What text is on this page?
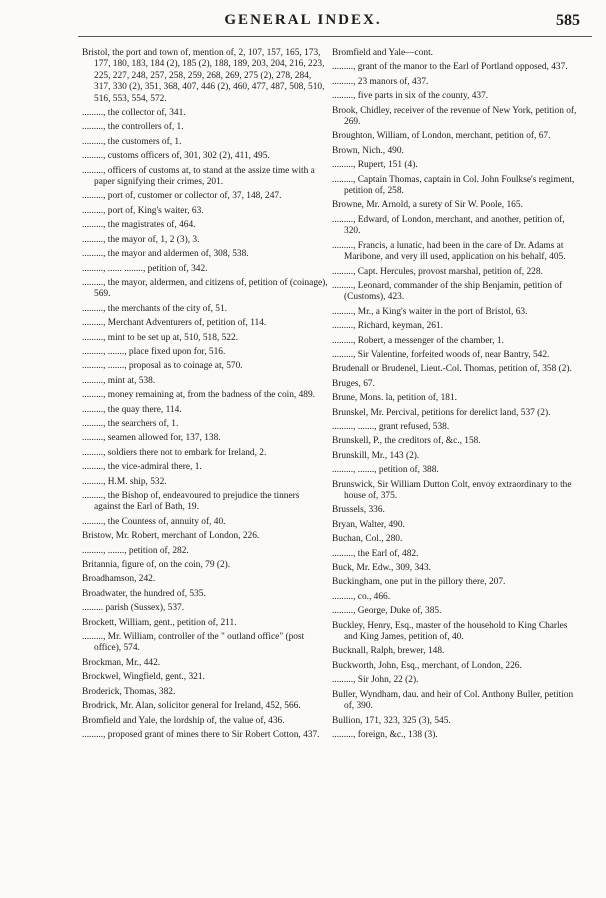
GENERAL INDEX.	585
Bristol, the port and town of, mention of, 2, 107, 157, 165, 173, 177, 180, 183, 184 (2), 185 (2), 188, 189, 203, 204, 216, 223, 225, 227, 248, 257, 258, 259, 268, 269, 275 (2), 278, 284, 317, 330 (2), 351, 368, 407, 446 (2), 460, 477, 487, 508, 510, 516, 553, 554, 572.
........., the collector of, 341.
........., the controllers of, 1.
........., the customers of, 1.
........., customs officers of, 301, 302 (2), 411, 495.
........., officers of customs at, to stand at the assize time with a paper signifying their crimes, 201.
........., port of, customer or collector of, 37, 148, 247.
........., port of, King's waiter, 63.
........., the magistrates of, 464.
........., the mayor of, 1, 2 (3), 3.
........., the mayor and aldermen of, 308, 538.
........., ...... ........, petition of, 342.
........., the mayor, aldermen, and citizens of, petition of (coinage), 569.
........., the merchants of the city of, 51.
........., Merchant Adventurers of, petition of, 114.
........., mint to be set up at, 510, 518, 522.
........., ......., place fixed upon for, 516.
........., ......., proposal as to coinage at, 570.
........., mint at, 538.
........., money remaining at, from the badness of the coin, 489.
........., the quay there, 114.
........., the searchers of, 1.
........., seamen allowed for, 137, 138.
........., soldiers there not to embark for Ireland, 2.
........., the vice-admiral there, 1.
........., H.M. ship, 532.
........., the Bishop of, endeavoured to prejudice the tinners against the Earl of Bath, 19.
........., the Countess of, annuity of, 40.
Bristow, Mr. Robert, merchant of London, 226.
........., ......., petition of, 282.
Britannia, figure of, on the coin, 79 (2).
Broadhamson, 242.
Broadwater, the hundred of, 535.
......... parish (Sussex), 537.
Brockett, William, gent., petition of, 211.
........., Mr. William, controller of the " outland office" (post office), 574.
Brockman, Mr., 442.
Brockwel, Wingfield, gent., 321.
Broderick, Thomas, 382.
Brodrick, Mr. Alan, solicitor general for Ireland, 452, 566.
Bromfield and Yale, the lordship of, the value of, 436.
........., proposed grant of mines there to Sir Robert Cotton, 437.
Bromfield and Yale—cont.
........., grant of the manor to the Earl of Portland opposed, 437.
........., 23 manors of, 437.
........., five parts in six of the county, 437.
Brook, Chidley, receiver of the revenue of New York, petition of, 269.
Broughton, William, of London, merchant, petition of, 67.
Brown, Nich., 490.
........., Rupert, 151 (4).
........., Captain Thomas, captain in Col. John Foulkse's regiment, petition of, 258.
Browne, Mr. Arnold, a surety of Sir W. Poole, 165.
........., Edward, of London, merchant, and another, petition of, 320.
........., Francis, a lunatic, had been in the care of Dr. Adams at Maribone, and very ill used, application on his behalf, 405.
........., Capt. Hercules, provost marshal, petition of, 228.
........., Leonard, commander of the ship Benjamin, petition of (Customs), 423.
........., Mr., a King's waiter in the port of Bristol, 63.
........., Richard, keyman, 261.
........., Robert, a messenger of the chamber, 1.
........., Sir Valentine, forfeited woods of, near Bantry, 542.
Brudenall or Brudenel, Lieut.-Col. Thomas, petition of, 358 (2).
Bruges, 67.
Brune, Mons. la, petition of, 181.
Brunskel, Mr. Percival, petitions for derelict land, 537 (2).
........., ......., grant refused, 538.
Brunskell, P., the creditors of, &c., 158.
Brunskill, Mr., 143 (2).
........., ......., petition of, 388.
Brunswick, Sir William Dutton Colt, envoy extraordinary to the house of, 375.
Brussels, 336.
Bryan, Walter, 490.
Buchan, Col., 280.
........., the Earl of, 482.
Buck, Mr. Edw., 309, 343.
Buckingham, one put in the pillory there, 207.
........., co., 466.
........., George, Duke of, 385.
Buckley, Henry, Esq., master of the household to King Charles and King James, petition of, 40.
Bucknall, Ralph, brewer, 148.
Buckworth, John, Esq., merchant, of London, 226.
........., Sir John, 22 (2).
Buller, Wyndham, dau. and heir of Col. Anthony Buller, petition of, 390.
Bullion, 171, 323, 325 (3), 545.
........., foreign, &c., 138 (3).
